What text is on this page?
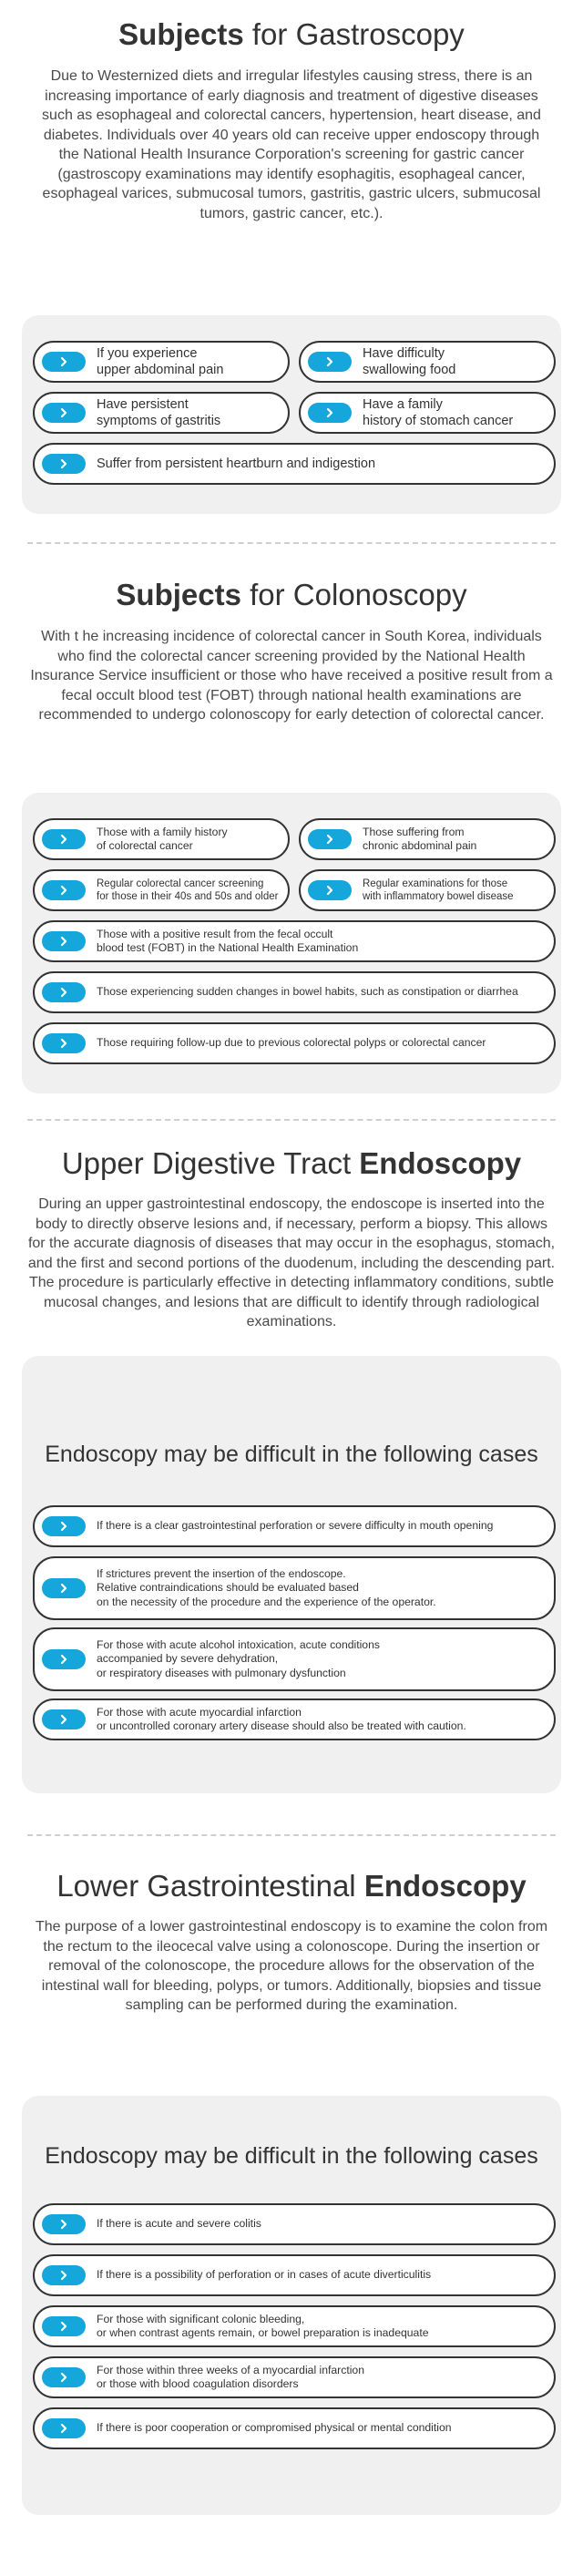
Subjects for Gastroscopy

Due to Westernized diets and irregular lifestyles causing stress, there is an increasing importance of early diagnosis and treatment of digestive diseases such as esophageal and colorectal cancers, hypertension, heart disease, and diabetes. Individuals over 40 years old can receive upper endoscopy through the National Health Insurance Corporation's screening for gastric cancer (gastroscopy examinations may identify esophagitis, esophageal cancer, esophageal varices, submucosal tumors, gastritis, gastric ulcers, submucosal tumors, gastric cancer, etc.).

If you experience
upper abdominal pain
Have difficulty
swallowing food
Have persistent
symptoms of gastritis
Have a family
history of stomach cancer
Suffer from persistent heartburn and indigestion
Subjects for Colonoscopy

With t he increasing incidence of colorectal cancer in South Korea, individuals who find the colorectal cancer screening provided by the National Health Insurance Service insufficient or those who have received a positive result from a fecal occult blood test (FOBT) through national health examinations are recommended to undergo colonoscopy for early detection of colorectal cancer.

Those with a family history
of colorectal cancer
Those suffering from
chronic abdominal pain
Regular colorectal cancer screening
for those in their 40s and 50s and older
Regular examinations for those
with inflammatory bowel disease
Those with a positive result from the fecal occult
blood test (FOBT) in the National Health Examination
Those experiencing sudden changes in bowel habits, such as constipation or diarrhea
Those requiring follow-up due to previous colorectal polyps or colorectal cancer
Upper Digestive Tract Endoscopy

During an upper gastrointestinal endoscopy, the endoscope is inserted into the body to directly observe lesions and, if necessary, perform a biopsy. This allows for the accurate diagnosis of diseases that may occur in the esophagus, stomach, and the first and second portions of the duodenum, including the descending part. The procedure is particularly effective in detecting inflammatory conditions, subtle mucosal changes, and lesions that are difficult to identify through radiological examinations.

Endoscopy may be difficult in the following cases
If there is a clear gastrointestinal perforation or severe difficulty in mouth opening
If strictures prevent the insertion of the endoscope.
Relative contraindications should be evaluated based
on the necessity of the procedure and the experience of the operator.
For those with acute alcohol intoxication, acute conditions
accompanied by severe dehydration,
or respiratory diseases with pulmonary dysfunction
For those with acute myocardial infarction
or uncontrolled coronary artery disease should also be treated with caution.
Lower Gastrointestinal Endoscopy

The purpose of a lower gastrointestinal endoscopy is to examine the colon from the rectum to the ileocecal valve using a colonoscope. During the insertion or removal of the colonoscope, the procedure allows for the observation of the intestinal wall for bleeding, polyps, or tumors. Additionally, biopsies and tissue sampling can be performed during the examination.

Endoscopy may be difficult in the following cases
If there is acute and severe colitis
If there is a possibility of perforation or in cases of acute diverticulitis
For those with significant colonic bleeding,
or when contrast agents remain, or bowel preparation is inadequate
For those within three weeks of a myocardial infarction
or those with blood coagulation disorders
If there is poor cooperation or compromised physical or mental condition
